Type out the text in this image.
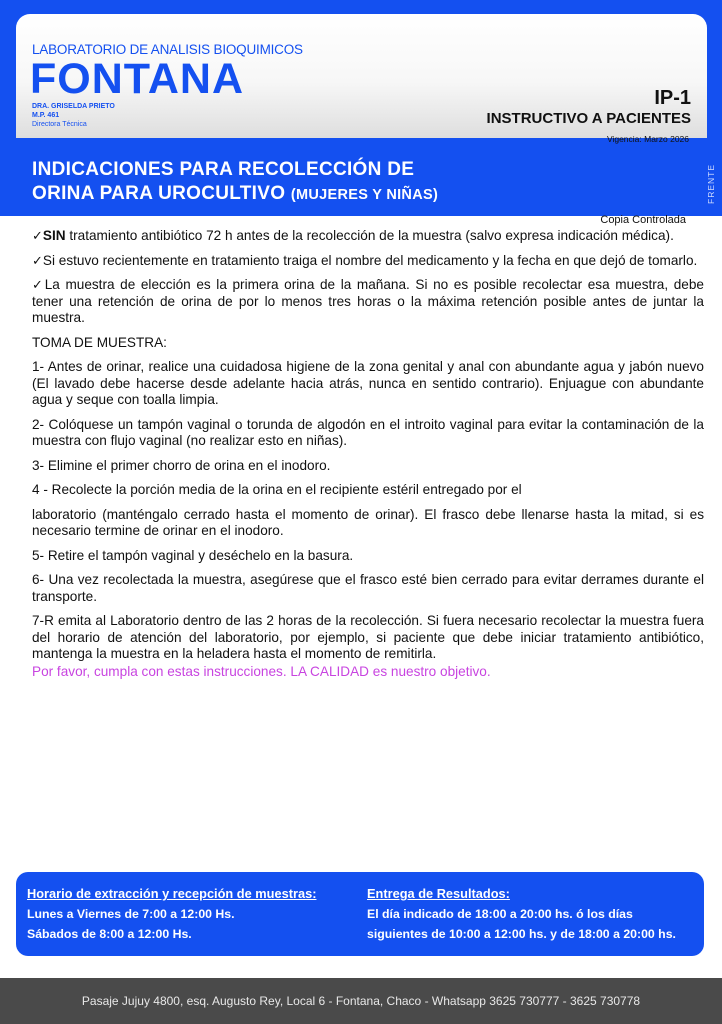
LABORATORIO DE ANALISIS BIOQUIMICOS
FONTANA
DRA. GRISELDA PRIETO
M.P. 461
Directora Técnica
IP-1
INSTRUCTIVO A PACIENTES
Vigencia: Marzo 2026
INDICACIONES PARA RECOLECCIÓN DE
ORINA PARA UROCULTIVO (MUJERES Y NIÑAS)	FRENTE
Copia Controlada

✓SIN tratamiento antibiótico 72 h antes de la recolección de la muestra (salvo expresa indicación médica).

✓Si estuvo recientemente en tratamiento traiga el nombre del medicamento y la fecha en que dejó de tomarlo.

✓La muestra de elección es la primera orina de la mañana. Si no es posible recolectar esa muestra, debe tener una retención de orina de por lo menos tres horas o la máxima retención posible antes de juntar la muestra.

TOMA DE MUESTRA:

1- Antes de orinar, realice una cuidadosa higiene de la zona genital y anal con abundante agua y jabón nuevo (El lavado debe hacerse desde adelante hacia atrás, nunca en sentido contrario). Enjuague con abundante agua y seque con toalla limpia.

2- Colóquese un tampón vaginal o torunda de algodón en el introito vaginal para evitar la contaminación de la muestra con flujo vaginal (no realizar esto en niñas).

3- Elimine el primer chorro de orina en el inodoro.

4 - Recolecte la porción media de la orina en el recipiente estéril entregado por el

laboratorio (manténgalo cerrado hasta el momento de orinar). El frasco debe llenarse hasta la mitad, si es necesario termine de orinar en el inodoro.

5- Retire el tampón vaginal y deséchelo en la basura.

6- Una vez recolectada la muestra, asegúrese que el frasco esté bien cerrado para evitar derrames durante el transporte.

7-R emita al Laboratorio dentro de las 2 horas de la recolección. Si fuera necesario recolectar la muestra fuera del horario de atención del laboratorio, por ejemplo, si paciente que debe iniciar tratamiento antibiótico, mantenga la muestra en la heladera hasta el momento de remitirla.

Por favor, cumpla con estas instrucciones. LA CALIDAD es nuestro objetivo.

Horario de extracción y recepción de muestras:
Lunes a Viernes de 7:00 a 12:00 Hs.
Sábados de 8:00 a 12:00 Hs.
Entrega de Resultados:
El día indicado de 18:00 a 20:00 hs. ó los días
siguientes de 10:00 a 12:00 hs. y de 18:00 a 20:00 hs.
Pasaje Jujuy 4800, esq. Augusto Rey, Local 6 - Fontana, Chaco - Whatsapp 3625 730777 - 3625 730778
